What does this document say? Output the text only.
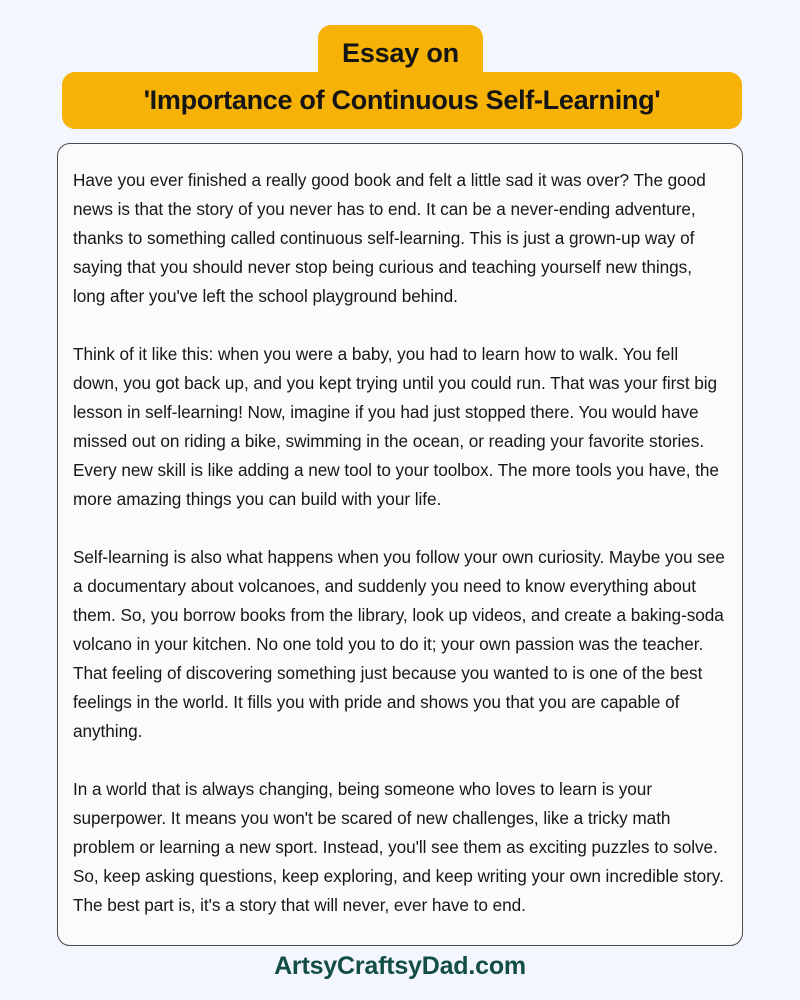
Essay on
'Importance of Continuous Self-Learning'

Have you ever finished a really good book and felt a little sad it was over? The good news is that the story of you never has to end. It can be a never-ending adventure, thanks to something called continuous self-learning. This is just a grown-up way of saying that you should never stop being curious and teaching yourself new things, long after you've left the school playground behind.

Think of it like this: when you were a baby, you had to learn how to walk. You fell down, you got back up, and you kept trying until you could run. That was your first big lesson in self-learning! Now, imagine if you had just stopped there. You would have missed out on riding a bike, swimming in the ocean, or reading your favorite stories. Every new skill is like adding a new tool to your toolbox. The more tools you have, the more amazing things you can build with your life.

Self-learning is also what happens when you follow your own curiosity. Maybe you see a documentary about volcanoes, and suddenly you need to know everything about them. So, you borrow books from the library, look up videos, and create a baking-soda volcano in your kitchen. No one told you to do it; your own passion was the teacher. That feeling of discovering something just because you wanted to is one of the best feelings in the world. It fills you with pride and shows you that you are capable of anything.

In a world that is always changing, being someone who loves to learn is your superpower. It means you won't be scared of new challenges, like a tricky math problem or learning a new sport. Instead, you'll see them as exciting puzzles to solve. So, keep asking questions, keep exploring, and keep writing your own incredible story. The best part is, it's a story that will never, ever have to end.

ArtsyCraftsyDad.com
